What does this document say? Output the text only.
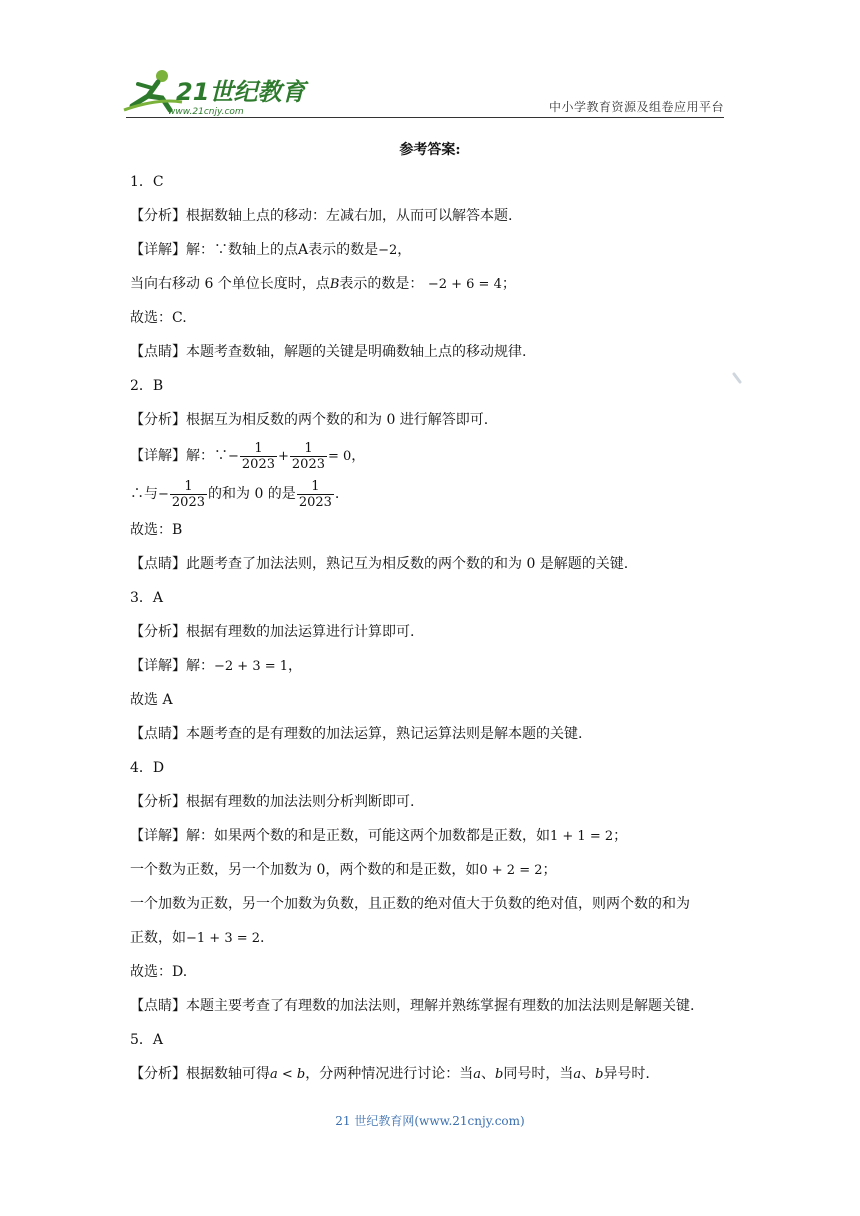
21世纪教育
www.21cnjy.com	中小学教育资源及组卷应用平台
参考答案:
1．C
【分析】根据数轴上点的移动：左减右加，从而可以解答本题.
【详解】解：∵数轴上的点A表示的数是−2，
当向右移动 6 个单位长度时，点B表示的数是： −2 + 6 = 4；
故选：C.
【点睛】本题考查数轴，解题的关键是明确数轴上点的移动规律.
2．B
【分析】根据互为相反数的两个数的和为 0 进行解答即可.
【详解】解：∵− $\frac{1}{2023} + \frac{1}{2023} = 0$，
∴与− $\frac{1}{2023}$ 的和为 0 的是 $\frac{1}{2023}$ .
故选：B
【点睛】此题考查了加法法则，熟记互为相反数的两个数的和为 0 是解题的关键.
3．A
【分析】根据有理数的加法运算进行计算即可.
【详解】解：−2 + 3 = 1，
故选 A
【点睛】本题考查的是有理数的加法运算，熟记运算法则是解本题的关键.
4．D
【分析】根据有理数的加法法则分析判断即可.
【详解】解：如果两个数的和是正数，可能这两个加数都是正数，如1 + 1 = 2；
一个数为正数，另一个加数为 0，两个数的和是正数，如0 + 2 = 2；
一个加数为正数，另一个加数为负数，且正数的绝对值大于负数的绝对值，则两个数的和为
正数，如−1 + 3 = 2.
故选：D.
【点睛】本题主要考查了有理数的加法法则，理解并熟练掌握有理数的加法法则是解题关键.
5．A
【分析】根据数轴可得a < b，分两种情况进行讨论：当a、b同号时，当a、b异号时.
21 世纪教育网(www.21cnjy.com)
